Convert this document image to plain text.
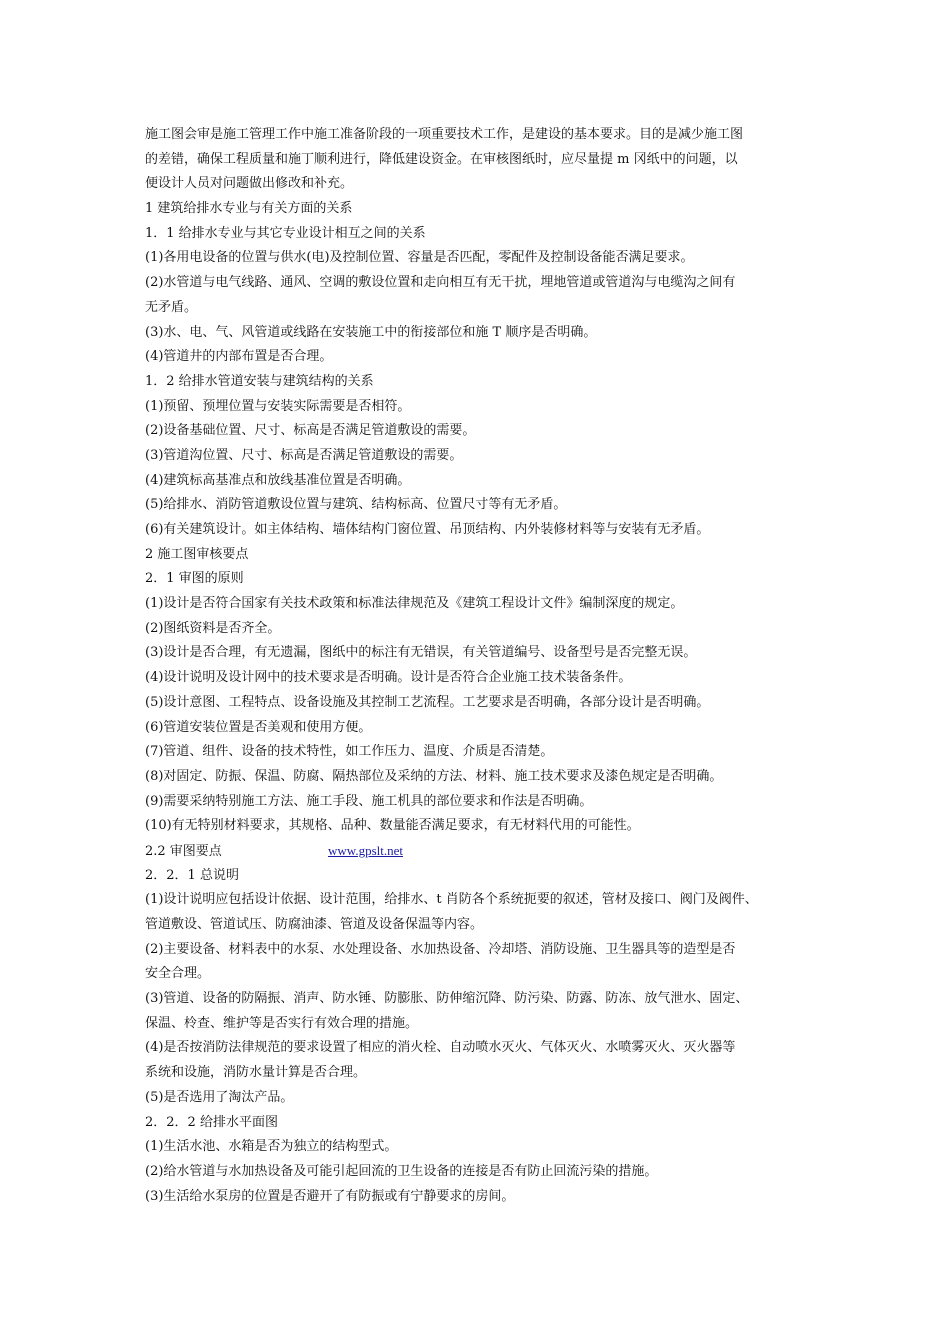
施工图会审是施工管理工作中施工准备阶段的一项重要技术工作，是建设的基本要求。目的是减少施工图
的差错，确保工程质量和施丁顺利进行，降低建设资金。在审核图纸时，应尽量提 m 冈纸中的问题，以
便设计人员对问题做出修改和补充。
1 建筑给排水专业与有关方面的关系
1．1 给排水专业与其它专业设计相互之间的关系
(1)各用电设备的位置与供水(电)及控制位置、容量是否匹配，零配件及控制设备能否满足要求。
(2)水管道与电气线路、通风、空调的敷设位置和走向相互有无干扰，埋地管道或管道沟与电缆沟之间有
无矛盾。
(3)水、电、气、风管道或线路在安装施工中的衔接部位和施 T 顺序是否明确。
(4)管道井的内部布置是否合理。
1．2 给排水管道安装与建筑结构的关系
(1)预留、预埋位置与安装实际需要是否相符。
(2)设备基础位置、尺寸、标高是否满足管道敷设的需要。
(3)管道沟位置、尺寸、标高是否满足管道敷设的需要。
(4)建筑标高基准点和放线基准位置是否明确。
(5)给排水、消防管道敷设位置与建筑、结构标高、位置尺寸等有无矛盾。
(6)有关建筑设计。如主体结构、墙体结构门窗位置、吊顶结构、内外装修材料等与安装有无矛盾。
2 施工图审核要点
2．1 审图的原则
(1)设计是否符合国家有关技术政策和标准法律规范及《建筑工程设计文件》编制深度的规定。
(2)图纸资料是否齐全。
(3)设计是否合理，有无遗漏，图纸中的标注有无错误，有关管道编号、设备型号是否完整无误。
(4)设计说明及设计网中的技术要求是否明确。设计是否符合企业施工技术装备条件。
(5)设计意图、工程特点、设备设施及其控制工艺流程。工艺要求是否明确，各部分设计是否明确。
(6)管道安装位置是否美观和使用方便。
(7)管道、组件、设备的技术特性，如工作压力、温度、介质是否清楚。
(8)对固定、防振、保温、防腐、隔热部位及采纳的方法、材料、施工技术要求及漆色规定是否明确。
(9)需要采纳特别施工方法、施工手段、施工机具的部位要求和作法是否明确。
(10)有无特别材料要求，其规格、品种、数量能否满足要求，有无材料代用的可能性。
2.2 审图要点	www.gpslt.net
2．2．1 总说明
(1)设计说明应包括设计依据、设计范围，给排水、t 肖防各个系统扼要的叙述，管材及接口、阀门及阀件、
管道敷设、管道试压、防腐油漆、管道及设备保温等内容。
(2)主要设备、材料表中的水泵、水处理设备、水加热设备、冷却塔、消防设施、卫生器具等的造型是否
安全合理。
(3)管道、设备的防隔振、消声、防水锤、防膨胀、防伸缩沉降、防污染、防露、防冻、放气泄水、固定、
保温、柃查、维护等是否实行有效合理的措施。
(4)是否按消防法律规范的要求设置了相应的消火栓、自动喷水灭火、气体灭火、水喷雾灭火、灭火器等
系统和设施，消防水量计算是否合理。
(5)是否选用了淘汰产品。
2．2．2 给排水平面图
(1)生活水池、水箱是否为独立的结构型式。
(2)给水管道与水加热设备及可能引起回流的卫生设备的连接是否有防止回流污染的措施。
(3)生活给水泵房的位置是否避开了有防振或有宁静要求的房间。
